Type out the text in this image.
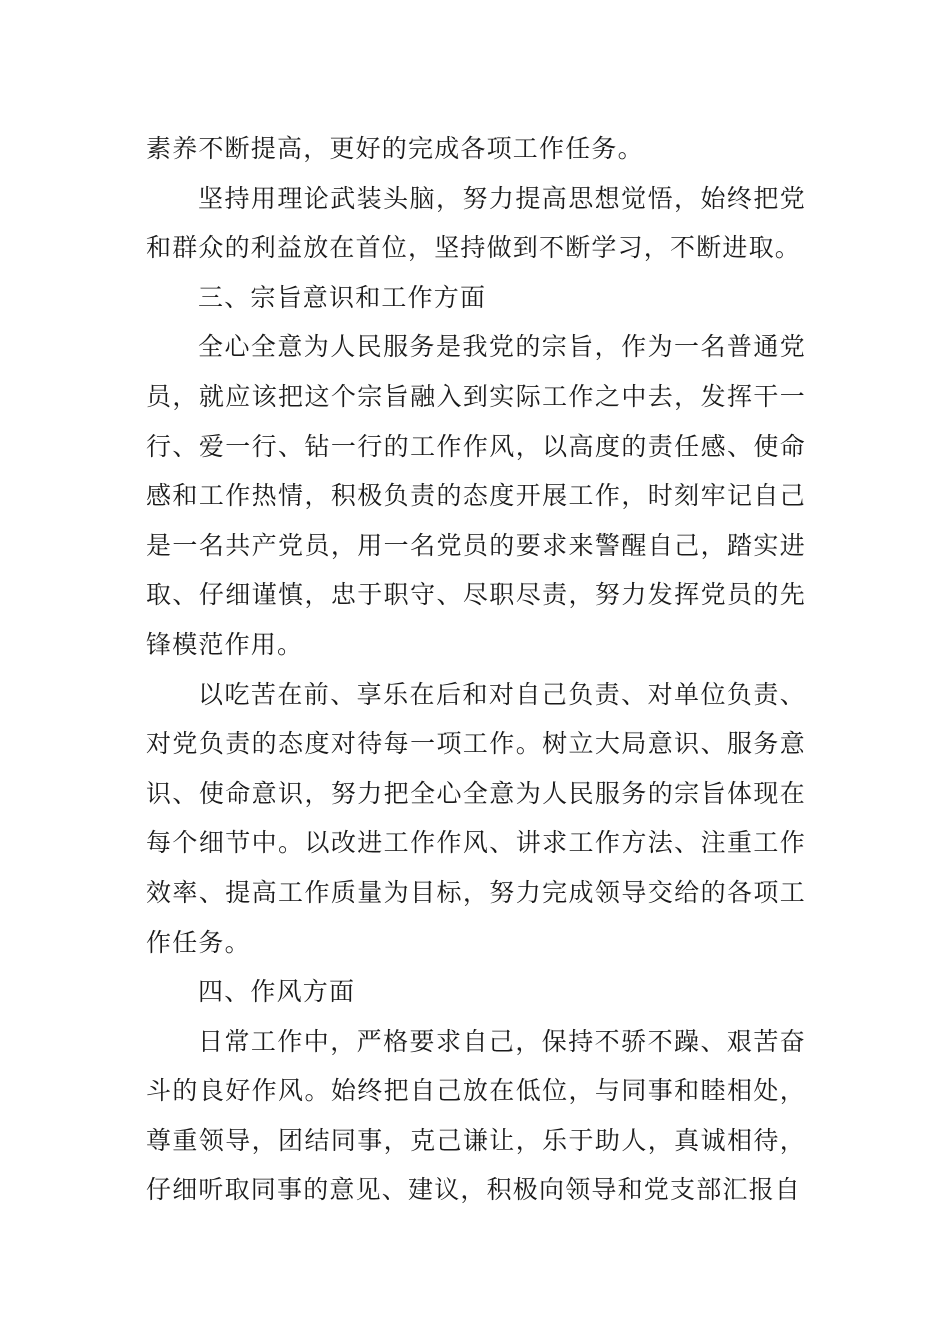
素养不断提高，更好的完成各项工作任务。

坚持用理论武装头脑，努力提高思想觉悟，始终把党和群众的利益放在首位，坚持做到不断学习，不断进取。

三、宗旨意识和工作方面

全心全意为人民服务是我党的宗旨，作为一名普通党员，就应该把这个宗旨融入到实际工作之中去，发挥干一行、爱一行、钻一行的工作作风，以高度的责任感、使命感和工作热情，积极负责的态度开展工作，时刻牢记自己是一名共产党员，用一名党员的要求来警醒自己，踏实进取、仔细谨慎，忠于职守、尽职尽责，努力发挥党员的先锋模范作用。

以吃苦在前、享乐在后和对自己负责、对单位负责、对党负责的态度对待每一项工作。树立大局意识、服务意识、使命意识，努力把全心全意为人民服务的宗旨体现在每个细节中。以改进工作作风、讲求工作方法、注重工作效率、提高工作质量为目标，努力完成领导交给的各项工作任务。

四、作风方面

日常工作中，严格要求自己，保持不骄不躁、艰苦奋斗的良好作风。始终把自己放在低位，与同事和睦相处，尊重领导，团结同事，克己谦让，乐于助人，真诚相待，仔细听取同事的意见、建议，积极向领导和党支部汇报自
